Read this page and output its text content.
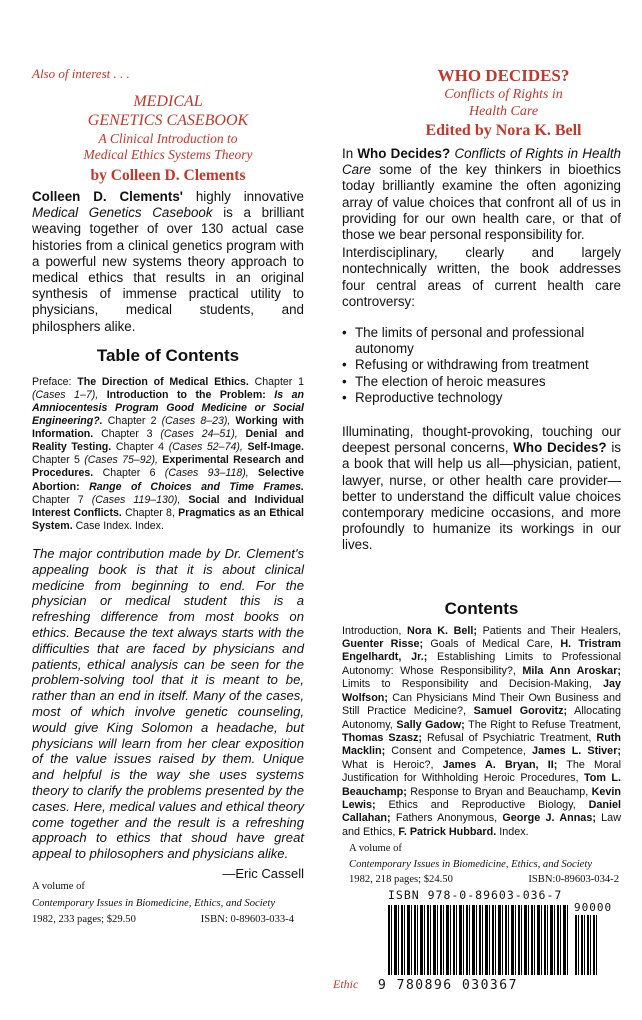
Also of interest . . .

MEDICAL

GENETICS CASEBOOK

A Clinical Introduction to

Medical Ethics Systems Theory

by Colleen D. Clements

Colleen D. Clements' highly innovative Medical Genetics Casebook is a brilliant weaving together of over 130 actual case histories from a clinical genetics program with a powerful new systems theory approach to medical ethics that results in an original synthesis of immense practical utility to physicians, medical students, and philosphers alike.

Table of Contents

Preface: The Direction of Medical Ethics. Chapter 1 (Cases 1–7), Introduction to the Problem: Is an Amniocentesis Program Good Medicine or Social Engineering?. Chapter 2 (Cases 8–23), Working with Information. Chapter 3 (Cases 24–51), Denial and Reality Testing. Chapter 4 (Cases 52–74), Self-Image. Chapter 5 (Cases 75–92), Experimental Research and Procedures. Chapter 6 (Cases 93–118), Selective Abortion: Range of Choices and Time Frames. Chapter 7 (Cases 119–130), Social and Individual Interest Conflicts. Chapter 8, Pragmatics as an Ethical System. Case Index. Index.

The major contribution made by Dr. Clement's appealing book is that it is about clinical medicine from beginning to end. For the physician or medical student this is a refreshing difference from most books on ethics. Because the text always starts with the difficulties that are faced by physicians and patients, ethical analysis can be seen for the problem-solving tool that it is meant to be, rather than an end in itself. Many of the cases, most of which involve genetic counseling, would give King Solomon a headache, but physicians will learn from her clear exposition of the value issues raised by them. Unique and helpful is the way she uses systems theory to clarify the problems presented by the cases. Here, medical values and ethical theory come together and the result is a refreshing approach to ethics that shoud have great appeal to philosophers and physicians alike.

—Eric Cassell

A volume of

Contemporary Issues in Biomedicine, Ethics, and Society

1982, 233 pages; $29.50	ISBN: 0-89603-033-4

WHO DECIDES?

Conflicts of Rights in

Health Care

Edited by Nora K. Bell

In Who Decides? Conflicts of Rights in Health Care some of the key thinkers in bioethics today brilliantly examine the often agonizing array of value choices that confront all of us in providing for our own health care, or that of those we bear personal responsibility for.

Interdisciplinary, clearly and largely nontechnically written, the book addresses four central areas of current health care controversy:

• The limits of personal and professional autonomy
• Refusing or withdrawing from treatment
• The election of heroic measures
• Reproductive technology

Illuminating, thought-provoking, touching our deepest personal concerns, Who Decides? is a book that will help us all—physician, patient, lawyer, nurse, or other health care provider—better to understand the difficult value choices contemporary medicine occasions, and more profoundly to humanize its workings in our lives.

Contents

Introduction, Nora K. Bell; Patients and Their Healers, Guenter Risse; Goals of Medical Care, H. Tristram Engelhardt, Jr.; Establishing Limits to Professional Autonomy: Whose Responsibility?, Mila Ann Aroskar; Limits to Responsibility and Decision-Making, Jay Wolfson; Can Physicians Mind Their Own Business and Still Practice Medicine?, Samuel Gorovitz; Allocating Autonomy, Sally Gadow; The Right to Refuse Treatment, Thomas Szasz; Refusal of Psychiatric Treatment, Ruth Macklin; Consent and Competence, James L. Stiver; What is Heroic?, James A. Bryan, II; The Moral Justification for Withholding Heroic Procedures, Tom L. Beauchamp; Response to Bryan and Beauchamp, Kevin Lewis; Ethics and Reproductive Biology, Daniel Callahan; Fathers Anonymous, George J. Annas; Law and Ethics, F. Patrick Hubbard. Index.

A volume of

Contemporary Issues in Biomedicine, Ethics, and Society

1982, 218 pages; $24.50	ISBN:0-89603-034-2

ISBN 978-0-89603-036-7

90000

9 780896 030367

Ethic
